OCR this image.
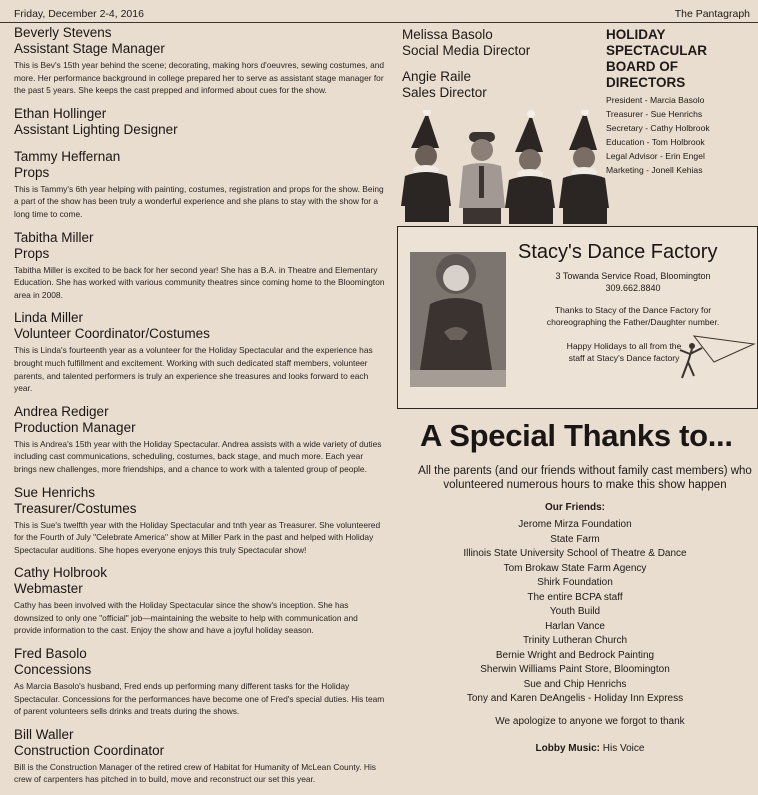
Friday, December 2-4, 2016	The Pantagraph
Beverly Stevens
Assistant Stage Manager
This is Bev's 15th year behind the scene; decorating, making hors d'oeuvres, sewing costumes, and more. Her performance background in college prepared her to serve as assistant stage manager for the past 5 years. She keeps the cast prepped and informed about cues for the show.
Ethan Hollinger
Assistant Lighting Designer
Tammy Heffernan
Props
This is Tammy's 6th year helping with painting, costumes, registration and props for the show. Being a part of the show has been truly a wonderful experience and she plans to stay with the show for a long time to come.
Tabitha Miller
Props
Tabitha Miller is excited to be back for her second year! She has a B.A. in Theatre and Elementary Education. She has worked with various community theatres since coming home to the Bloomington area in 2008.
Linda Miller
Volunteer Coordinator/Costumes
This is Linda's fourteenth year as a volunteer for the Holiday Spectacular and the experience has brought much fulfillment and excitement. Working with such dedicated staff members, volunteer parents, and talented performers is truly an experience she treasures and looks forward to each year.
Andrea Rediger
Production Manager
This is Andrea's 15th year with the Holiday Spectacular. Andrea assists with a wide variety of duties including cast communications, scheduling, costumes, back stage, and much more. Each year brings new challenges, more friendships, and a chance to work with a talented group of people.
Sue Henrichs
Treasurer/Costumes
This is Sue's twelfth year with the Holiday Spectacular and tnth year as Treasurer. She volunteered for the Fourth of July "Celebrate America" show at Miller Park in the past and helped with Holiday Spectacular auditions. She hopes everyone enjoys this truly Spectacular show!
Cathy Holbrook
Webmaster
Cathy has been involved with the Holiday Spectacular since the show's inception. She has downsized to only one "official" job—maintaining the website to help with communication and provide information to the cast. Enjoy the show and have a joyful holiday season.
Fred Basolo
Concessions
As Marcia Basolo's husband, Fred ends up performing many different tasks for the Holiday Spectacular. Concessions for the performances have become one of Fred's special duties. His team of parent volunteers sells drinks and treats during the shows.
Bill Waller
Construction Coordinator
Bill is the Construction Manager of the retired crew of Habitat for Humanity of McLean County. His crew of carpenters has pitched in to build, move and reconstruct our set this year.
Melissa Basolo
Social Media Director
Angie Raile
Sales Director
HOLIDAY SPECTACULAR
BOARD OF DIRECTORS
President - Marcia Basolo
Treasurer - Sue Henrichs
Secretary - Cathy Holbrook
Education - Tom Holbrook
Legal Advisor - Erin Engel
Marketing - Jonell Kehias
Stacy's Dance Factory
3 Towanda Service Road, Bloomington
309.662.8840
Thanks to Stacy of the Dance Factory for choreographing the Father/Daughter number.
Happy Holidays to all from the staff at Stacy's Dance factory
A Special Thanks to...
All the parents (and our friends without family cast members) who
volunteered numerous hours to make this show happen
Our Friends:
Jerome Mirza Foundation
State Farm
Illinois State University School of Theatre & Dance
Tom Brokaw State Farm Agency
Shirk Foundation
The entire BCPA staff
Youth Build
Harlan Vance
Trinity Lutheran Church
Bernie Wright and Bedrock Painting
Sherwin Williams Paint Store, Bloomington
Sue and Chip Henrichs
Tony and Karen DeAngelis - Holiday Inn Express
We apologize to anyone we forgot to thank
Lobby Music: His Voice
